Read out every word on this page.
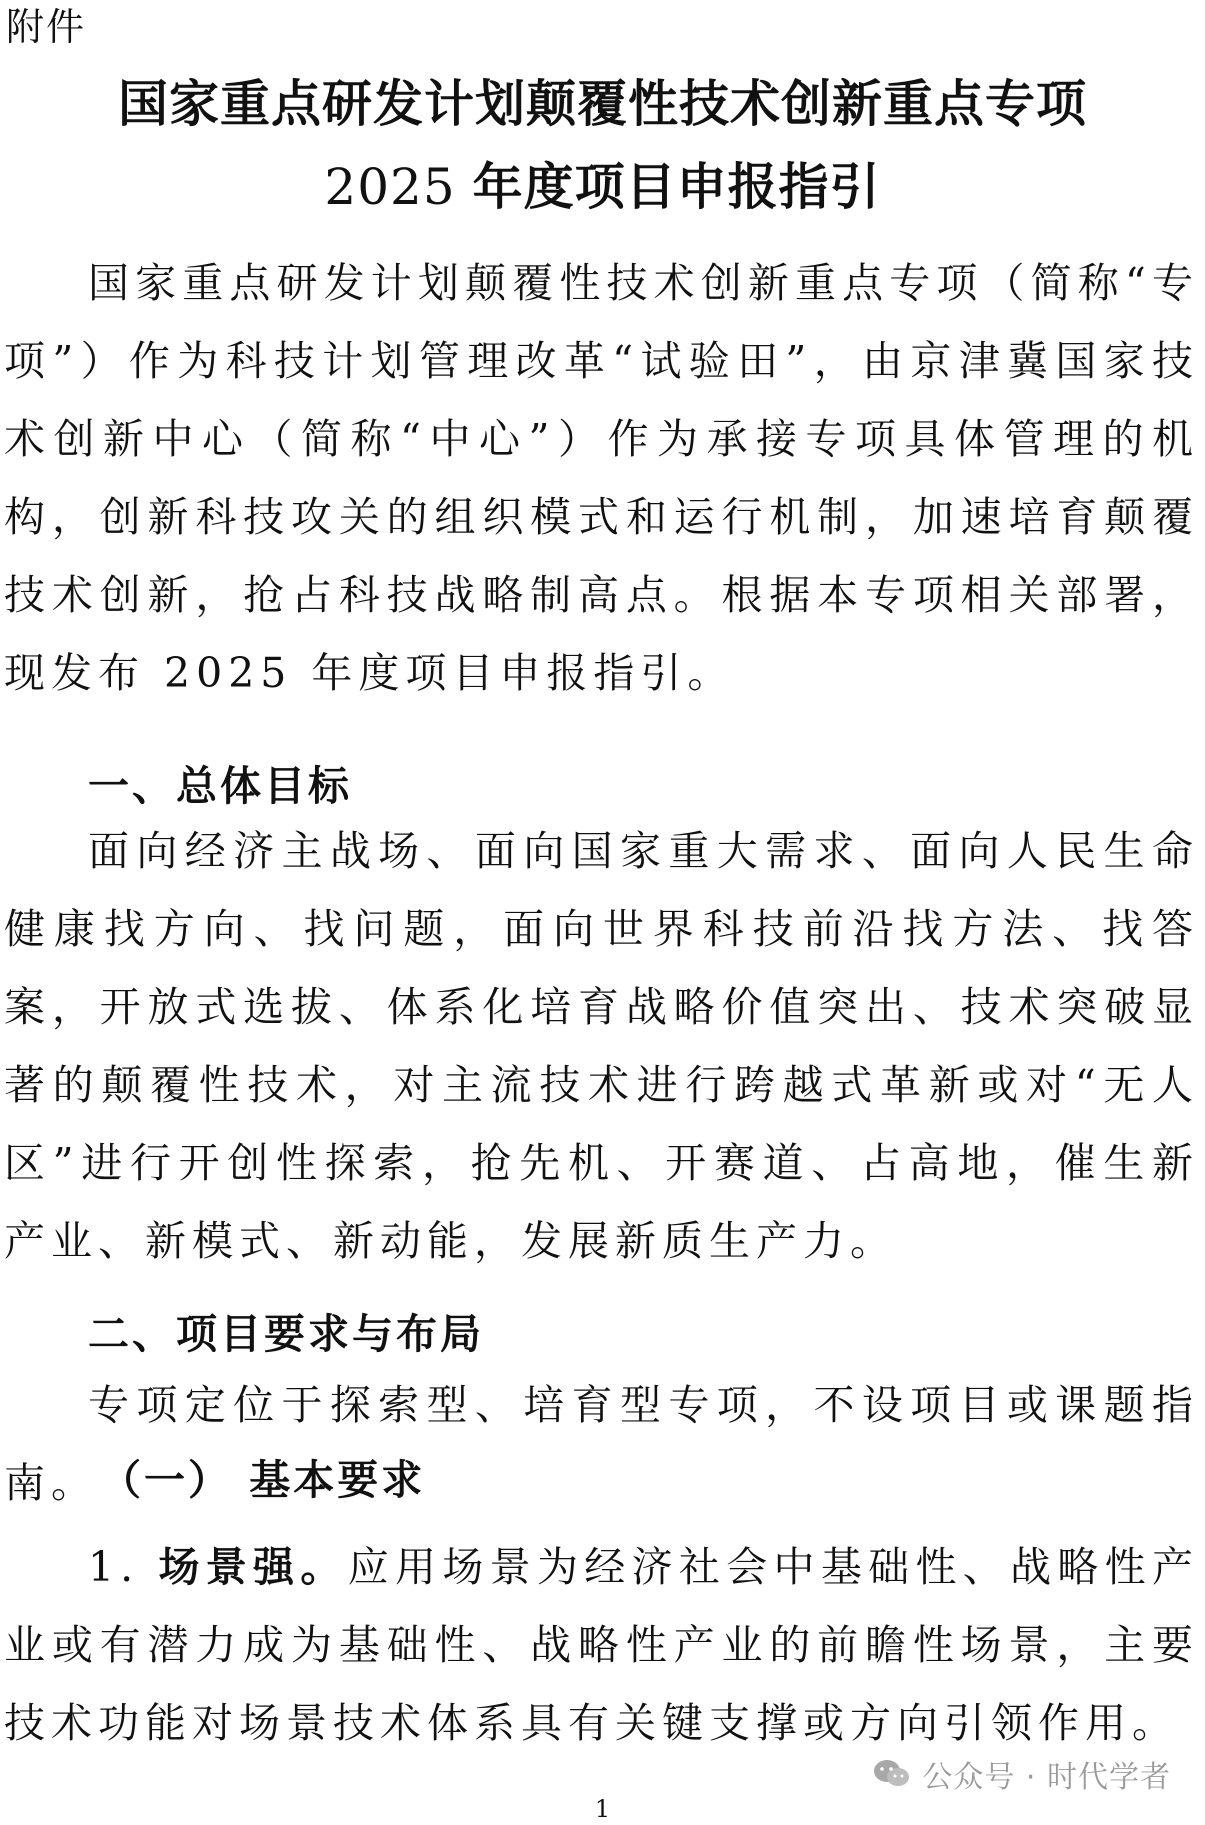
附件
国家重点研发计划颠覆性技术创新重点专项
2025 年度项目申报指引

国家重点研发计划颠覆性技术创新重点专项（简称“专项”）作为科技计划管理改革“试验田”，由京津冀国家技术创新中心（简称“中心”）作为承接专项具体管理的机构，创新科技攻关的组织模式和运行机制，加速培育颠覆技术创新，抢占科技战略制高点。根据本专项相关部署，现发布 2025 年度项目申报指引。

一、总体目标

面向经济主战场、面向国家重大需求、面向人民生命健康找方向、找问题，面向世界科技前沿找方法、找答案，开放式选拔、体系化培育战略价值突出、技术突破显著的颠覆性技术，对主流技术进行跨越式革新或对“无人区”进行开创性探索，抢先机、开赛道、占高地，催生新产业、新模式、新动能，发展新质生产力。

二、项目要求与布局

专项定位于探索型、培育型专项，不设项目或课题指南。 （一） 基本要求

1. 场景强。应用场景为经济社会中基础性、战略性产业或有潜力成为基础性、战略性产业的前瞻性场景，主要技术功能对场景技术体系具有关键支撑或方向引领作用。

公众号 · 时代学者
1
